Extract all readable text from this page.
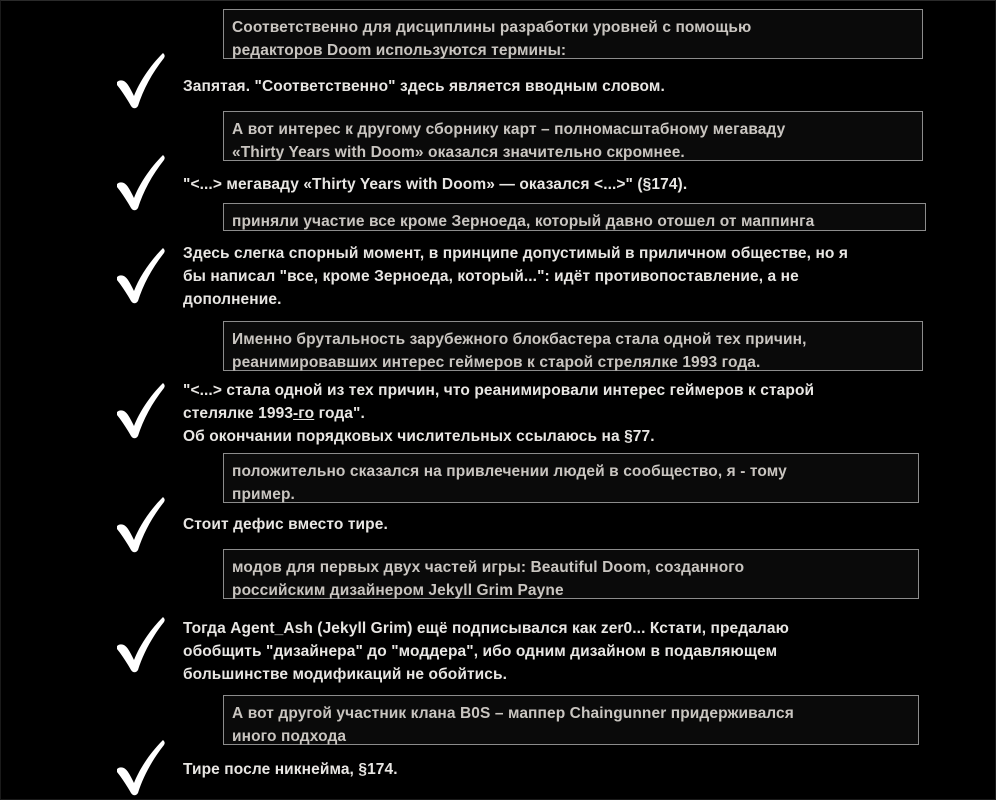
Соответственно для дисциплины разработки уровней с помощью
редакторов Doom используются термины:
Запятая. "Соответственно" здесь является вводным словом.
А вот интерес к другому сборнику карт – полномасштабному мегаваду
«Thirty Years with Doom» оказался значительно скромнее.
"<...> мегаваду «Thirty Years with Doom» — оказался <...>" (§174).
приняли участие все кроме Зерноеда, который давно отошел от маппинга
Здесь слегка спорный момент, в принципе допустимый в приличном обществе, но я
бы написал "все, кроме Зерноеда, который...": идёт противопоставление, а не
дополнение.
Именно брутальность зарубежного блокбастера стала одной тех причин,
реанимировавших интерес геймеров к старой стрелялке 1993 года.
"<...> стала одной из тех причин, что реанимировали интерес геймеров к старой
стелялке 1993-го года".
Об окончании порядковых числительных ссылаюсь на §77.
положительно сказался на привлечении людей в сообщество, я - тому
пример.
Стоит дефис вместо тире.
модов для первых двух частей игры: Beautiful Doom, созданного
российским дизайнером Jekyll Grim Payne
Тогда Agent_Ash (Jekyll Grim) ещё подписывался как zer0... Кстати, предалаю
обобщить "дизайнера" до "моддера", ибо одним дизайном в подавляющем
большинстве модификаций не обойтись.
А вот другой участник клана B0S – маппер Chaingunner придерживался
иного подхода
Тире после никнейма, §174.
